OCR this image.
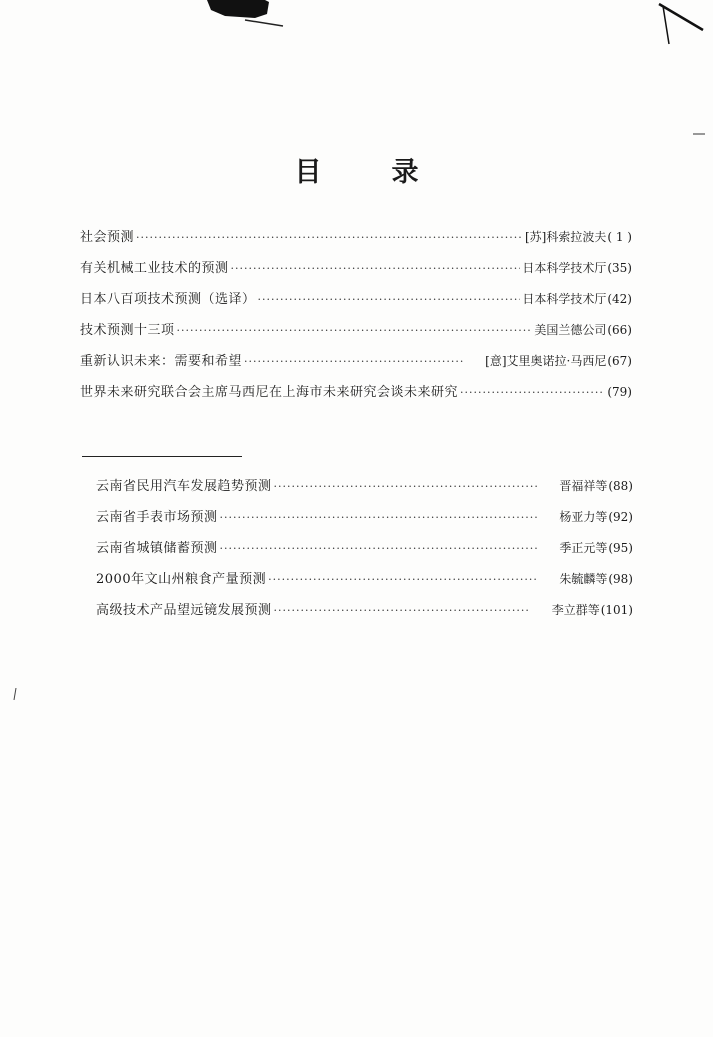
目	录
社会预测 ·····	[苏]科索拉波夫 ( 1 )
有关机械工业技术的预测 ·····	日本科学技术厅 (35)
日本八百项技术预测（选译） ·····	日本科学技术厅 (42)
技术预测十三项 ·····	美国兰德公司 (66)
重新认识未来：需要和希望 ·····	[意]艾里奥诺拉·马西尼 (67)
世界未来研究联合会主席马西尼在上海市未来研究会谈未来研究 ·····	(79)
云南省民用汽车发展趋势预测 ·····	晋福祥等 (88)
云南省手表市场预测 ·····	杨亚力等 (92)
云南省城镇储蓄预测 ·····	季正元等 (95)
2000年文山州粮食产量预测 ·····	朱毓麟等 (98)
高级技术产品望远镜发展预测 ·····	李立群等 (101)
